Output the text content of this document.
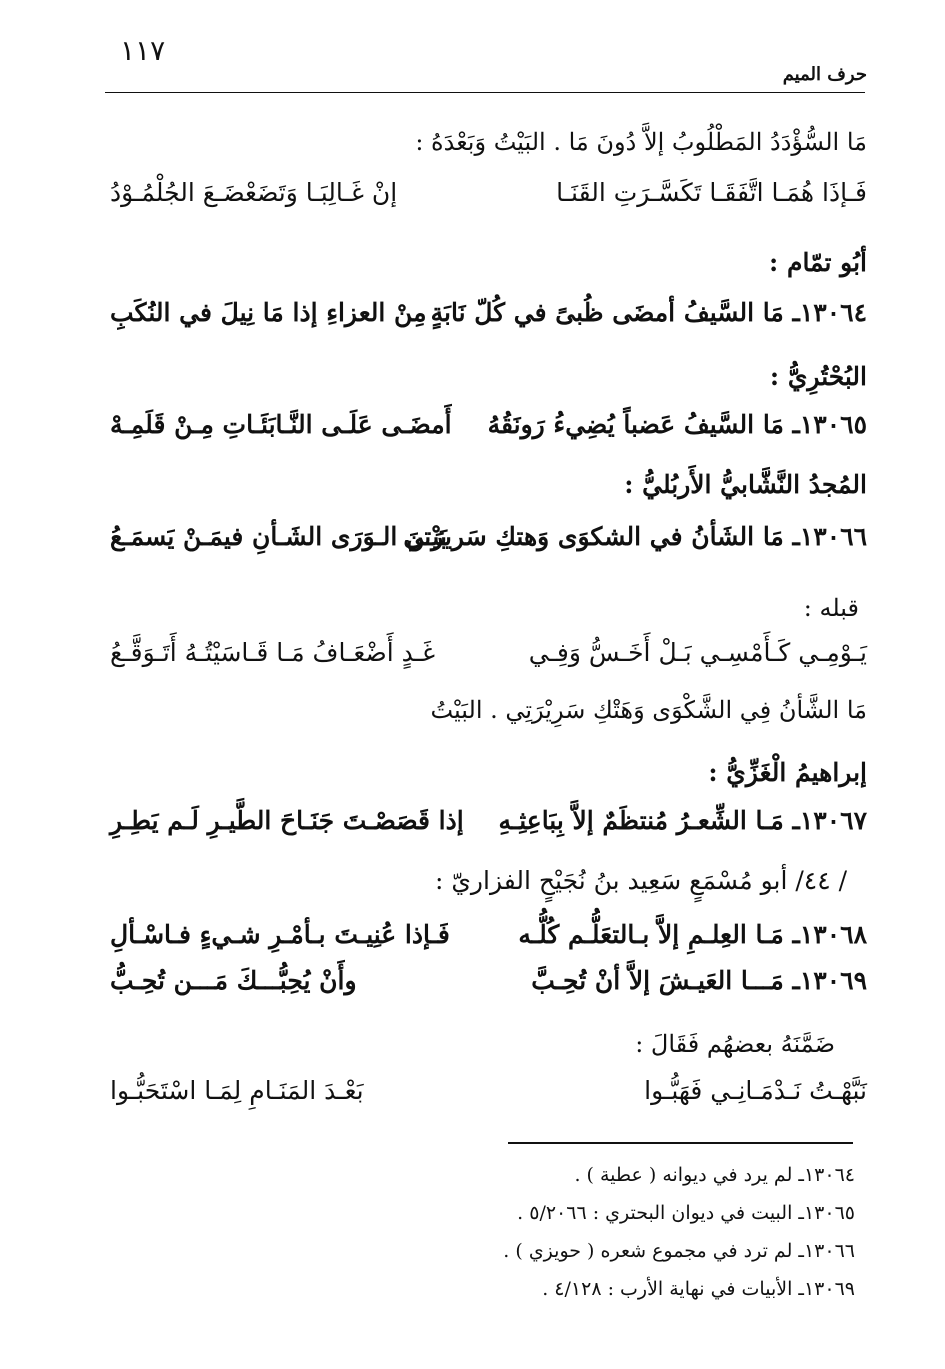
١١٧
حرف الميم
مَا السُّؤْدَدُ المَطْلُوبُ إلاَّ دُونَ مَا . البَيْتُ وَبَعْدَهُ :
فَـإذَا هُمَـا اتَّفَقَـا تَكَسَّـرَتِ القَنَـا
إنْ غَـالِبَـا وَتَضَعْضَـعَ الجُلْمُـوْدُ
أبُو تمّام :
١٣٠٦٤ـ مَا السَّيفُ أمضَى ظُبىً في كُلّ نَابَةٍ
مِنْ العزاءِ إذا مَا نِيلَ في النُكَبِ
البُحْتُرِيُّ :
١٣٠٦٥ـ مَا السَّيفُ عَضباً يُضِيءُ رَونَقُهُ
أَمضَـى عَلَـى النَّـابَئَـاتِ مِـنْ قَلَمِـهْ
المُجدُ النَّشَّابيُّ الأَربُليُّ :
١٣٠٦٦ـ مَا الشَأنُ في الشكوَى وَهتكِ سَريرَتي
بَيْـنَ الـوَرَى الشَـأنِ فيمَـنْ يَسمَـعُ
قبله :
يَـوْمِـي كَـأَمْسِـي بَـلْ أَخَـسُّ وَفِـي
غَـدٍ أَضْعَـافُ مَـا قَـاسَيْتُـهُ أَتَـوَقَّـعُ
مَا الشَّأنُ فِي الشَّكْوَى وَهَتْكِ سَرِيْرَتِي . البَيْتُ
إبراهيمُ الْغَزِّيُّ :
١٣٠٦٧ـ مَـا الشِّعـرُ مُنتظَمٌ إلاَّ بِبَاعِثِـهِ
إذا قَصَصْـتَ جَنَـاحَ الطَّيـرِ لَـم يَطِـرِ
/ ٤٤/ أبو مُسْمَعٍ سَعِيد بنُ نُجَيْحٍ الفزاريّ :
١٣٠٦٨ـ مَـا العِلـمِ إلاَّ بـالتعَلُّـم كُلُّـه
فَـإذا عُنِيـتَ بـأمْـرِ شـيءٍ فـاسْـألِ
١٣٠٦٩ـ مَـــا العَيـشَ إلاَّ أنْ تُحِـبَّ
وأَنْ يُحِبُّـــكَ مَـــن تُحِـبُّ
ضَمَّنَهُ بعضهُم فَقَالَ :
نَبَّهْـتُ نَـدْمَـانِـي فَهَبُّـوا
بَعْـدَ المَنَـامِ لِمَـا اسْتَحَبُّـوا
١٣٠٦٤ـ لم يرد في ديوانه ( عطية ) .
١٣٠٦٥ـ البيت في ديوان البحتري : ٥/٢٠٦٦ .
١٣٠٦٦ـ لم ترد في مجموع شعره ( حويزي ) .
١٣٠٦٩ـ الأبيات في نهاية الأرب : ٤/١٢٨ .
